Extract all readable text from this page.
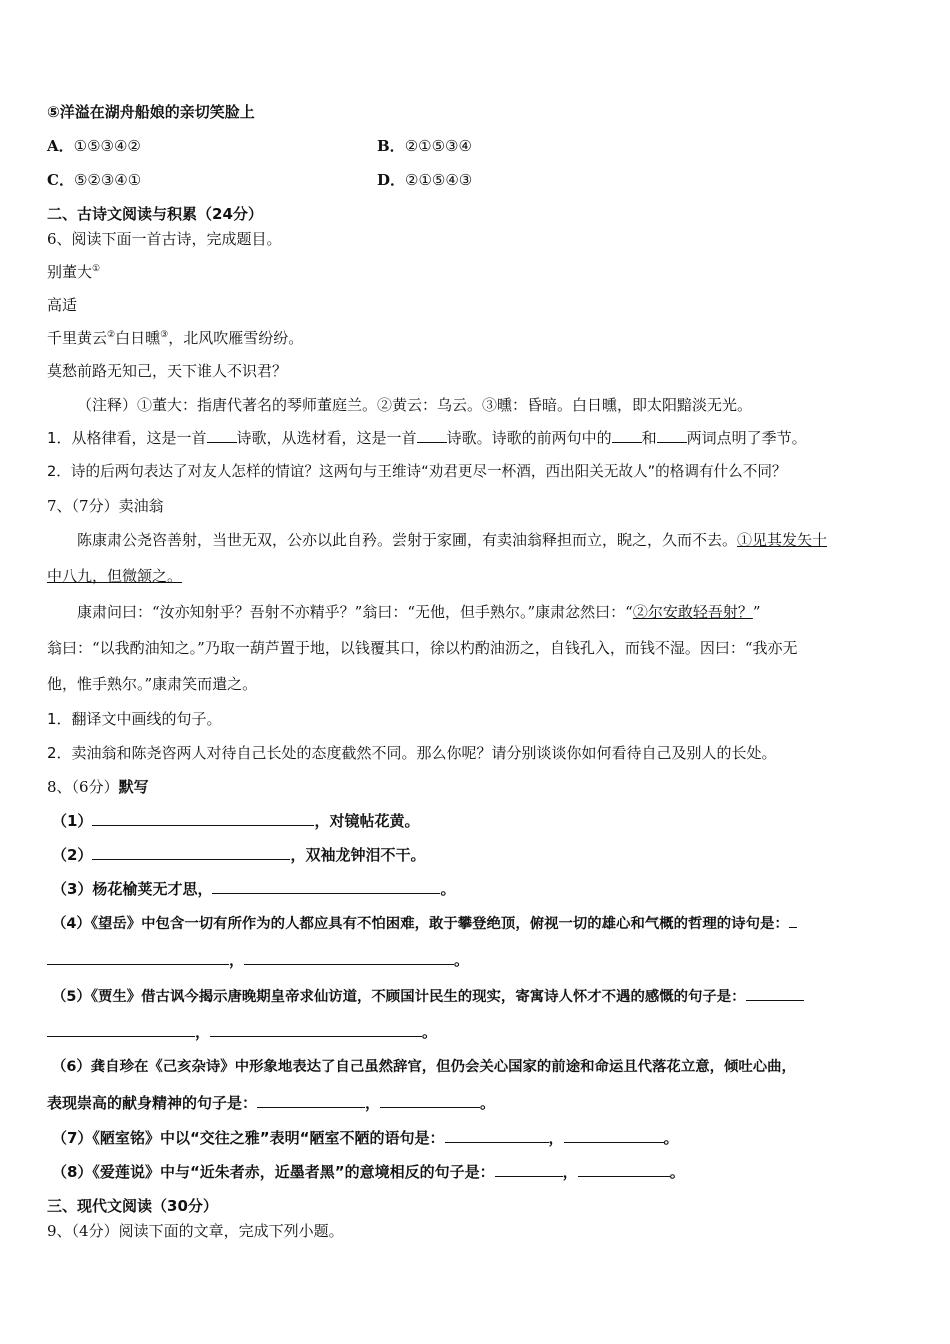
⑤洋溢在湖舟船娘的亲切笑脸上
A．①⑤③④②	B．②①⑤③④
C．⑤②③④①	D．②①⑤④③
二、古诗文阅读与积累（24分）
6、阅读下面一首古诗，完成题目。
别董大①
高适
千里黄云②白日曛③，北风吹雁雪纷纷。
莫愁前路无知己，天下谁人不识君？
（注释）①董大：指唐代著名的琴师董庭兰。②黄云：乌云。③曛：昏暗。白日曛，即太阳黯淡无光。
1．从格律看，这是一首 诗歌，从选材看，这是一首 诗歌。诗歌的前两句中的 和 两词点明了季节。
2．诗的后两句表达了对友人怎样的情谊？这两句与王维诗“劝君更尽一杯酒，西出阳关无故人”的格调有什么不同？
7、（7分）卖油翁
陈康肃公尧咨善射，当世无双，公亦以此自矜。尝射于家圃，有卖油翁释担而立，睨之，久而不去。①见其发矢十
中八九，但微颔之。
康肃问曰：“汝亦知射乎？吾射不亦精乎？”翁曰：“无他，但手熟尔。”康肃忿然曰：“②尔安敢轻吾射？”
翁曰：“以我酌油知之。”乃取一葫芦置于地，以钱覆其口，徐以杓酌油沥之，自钱孔入，而钱不湿。因曰：“我亦无
他，惟手熟尔。”康肃笑而遣之。
1．翻译文中画线的句子。
2．卖油翁和陈尧咨两人对待自己长处的态度截然不同。那么你呢？请分别谈谈你如何看待自己及别人的长处。
8、（6分）默写
（1）	，对镜帖花黄。
（2）	，双袖龙钟泪不干。
（3）杨花榆荚无才思，	。
（4）《望岳》中包含一切有所作为的人都应具有不怕困难，敢于攀登绝顶，俯视一切的雄心和气概的哲理的诗句是：
，	。
（5）《贾生》借古讽今揭示唐晚期皇帝求仙访道，不顾国计民生的现实，寄寓诗人怀才不遇的感慨的句子是：
，	。
（6）龚自珍在《己亥杂诗》中形象地表达了自己虽然辞官，但仍会关心国家的前途和命运且代落花立意，倾吐心曲，
表现崇高的献身精神的句子是：	，	。
（7）《陋室铭》中以“交往之雅”表明“陋室不陋的语句是：	，	。
（8）《爱莲说》中与“近朱者赤，近墨者黑”的意境相反的句子是：	，	。
三、现代文阅读（30分）
9、（4分）阅读下面的文章，完成下列小题。
